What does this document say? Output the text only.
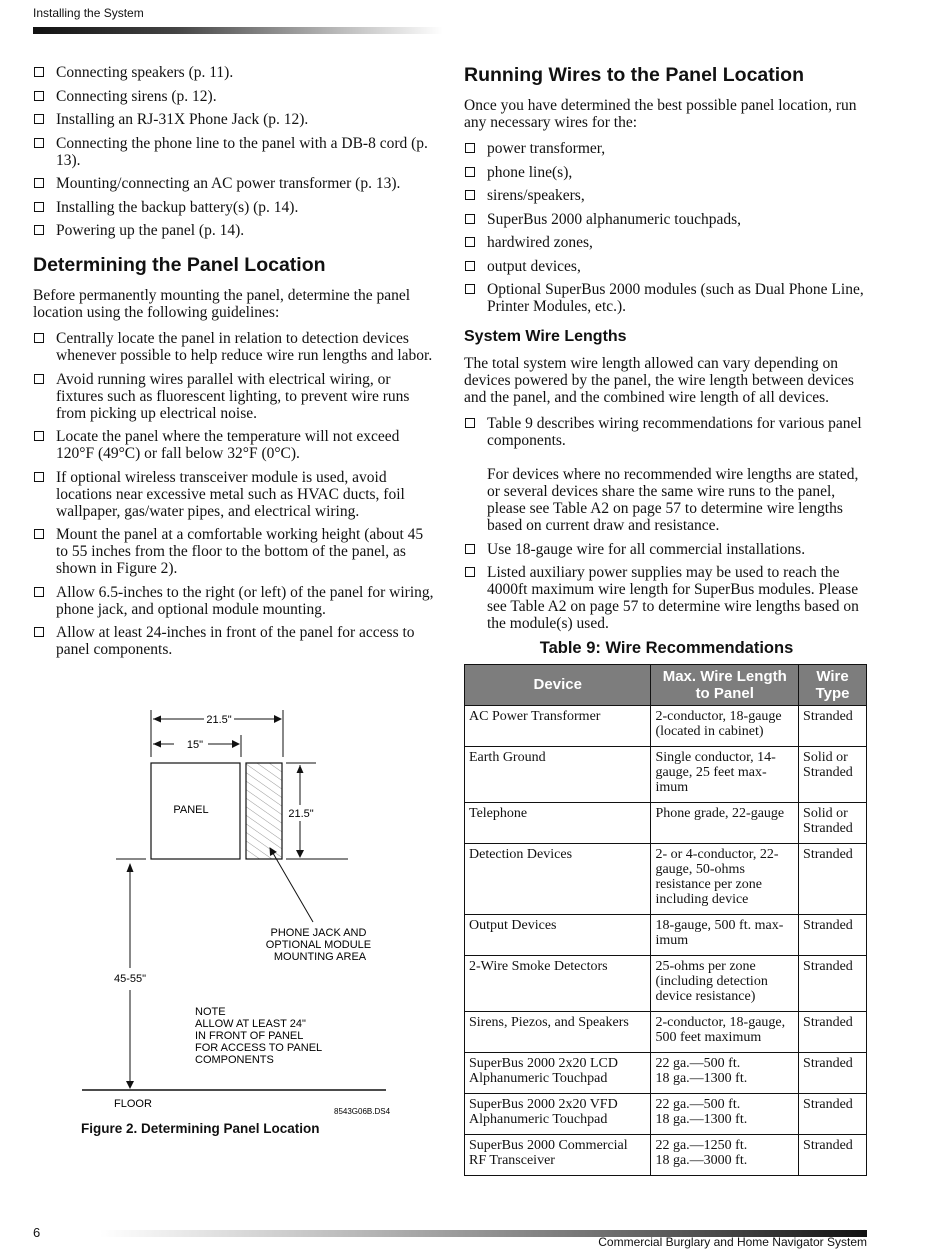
Installing the System
Connecting speakers (p. 11).
Connecting sirens (p. 12).
Installing an RJ-31X Phone Jack (p. 12).
Connecting the phone line to the panel with a DB-8 cord (p. 13).
Mounting/connecting an AC power transformer (p. 13).
Installing the backup battery(s) (p. 14).
Powering up the panel (p. 14).
Determining the Panel Location

Before permanently mounting the panel, determine the panel location using the following guidelines:

Centrally locate the panel in relation to detection devices whenever possible to help reduce wire run lengths and labor.
Avoid running wires parallel with electrical wiring, or fixtures such as fluorescent lighting, to prevent wire runs from picking up electrical noise.
Locate the panel where the temperature will not exceed 120°F (49°C) or fall below 32°F (0°C).
If optional wireless transceiver module is used, avoid locations near excessive metal such as HVAC ducts, foil wallpaper, gas/water pipes, and electrical wiring.
Mount the panel at a comfortable working height (about 45 to 55 inches from the floor to the bottom of the panel, as shown in Figure 2).
Allow 6.5-inches to the right (or left) of the panel for wiring, phone jack, and optional module mounting.
Allow at least 24-inches in front of the panel for access to panel components.
21.5"
15"
PANEL	21.5"
PHONE JACK AND OPTIONAL MODULE MOUNTING AREA
45-55"
NOTE ALLOW AT LEAST 24" IN FRONT OF PANEL FOR ACCESS TO PANEL COMPONENTS
FLOOR
8543G06B.DS4
Figure 2. Determining Panel Location
Running Wires to the Panel Location

Once you have determined the best possible panel location, run any necessary wires for the:

power transformer,
phone line(s),
sirens/speakers,
SuperBus 2000 alphanumeric touchpads,
hardwired zones,
output devices,
Optional SuperBus 2000 modules (such as Dual Phone Line, Printer Modules, etc.).
System Wire Lengths

The total system wire length allowed can vary depending on devices powered by the panel, the wire length between devices and the panel, and the combined wire length of all devices.

Table 9 describes wiring recommendations for various panel components.
For devices where no recommended wire lengths are stated, or several devices share the same wire runs to the panel, please see Table A2 on page 57 to determine wire lengths based on current draw and resistance.
Use 18-gauge wire for all commercial installations.
Listed auxiliary power supplies may be used to reach the 4000ft maximum wire length for SuperBus modules. Please see Table A2 on page 57 to determine wire lengths based on the module(s) used.
Table 9: Wire Recommendations
Device	Max. Wire Length to Panel	Wire Type
AC Power Transformer	2-conductor, 18-gauge (located in cabinet)	Stranded
Earth Ground	Single conductor, 14-gauge, 25 feet max-imum	Solid or Stranded
Telephone	Phone grade, 22-gauge	Solid or Stranded
Detection Devices	2- or 4-conductor, 22-gauge, 50-ohms resistance per zone including device	Stranded
Output Devices	18-gauge, 500 ft. max-imum	Stranded
2-Wire Smoke Detectors	25-ohms per zone (including detection device resistance)	Stranded
Sirens, Piezos, and Speakers	2-conductor, 18-gauge, 500 feet maximum	Stranded
SuperBus 2000 2x20 LCD Alphanumeric Touchpad	22 ga.—500 ft.
18 ga.—1300 ft.	Stranded
SuperBus 2000 2x20 VFD Alphanumeric Touchpad	22 ga.—500 ft.
18 ga.—1300 ft.	Stranded
SuperBus 2000 Commercial RF Transceiver	22 ga.—1250 ft.
18 ga.—3000 ft.	Stranded
6
Commercial Burglary and Home Navigator System
